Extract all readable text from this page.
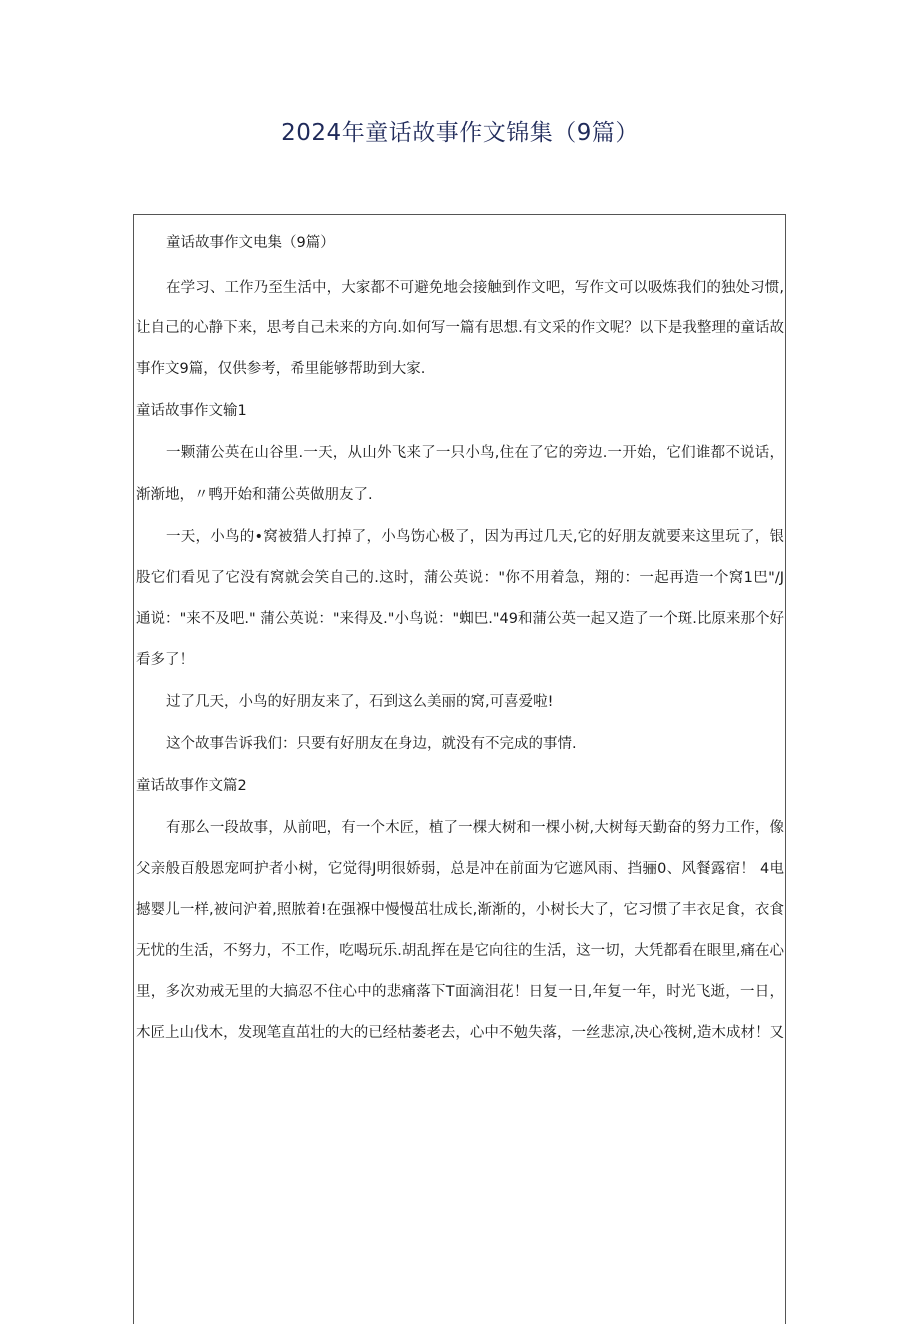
2024年童话故事作文锦集（9篇）

童话故事作文电集（9篇）

在学习、工作乃至生活中，大家都不可避免地会接触到作文吧，写作文可以吸炼我们的独处习惯,

让自己的心静下来，思考自己未来的方向.如何写一篇有思想.有文采的作文呢？以下是我整理的童话故

事作文9篇，仅供参考，希里能够帮助到大家.

童话故事作文输1

一颗蒲公英在山谷里.一天，从山外飞来了一只小鸟,住在了它的旁边.一开始，它们谁都不说话，

渐渐地，〃鸭开始和蒲公英做朋友了.

一天，小鸟的•窝被猎人打掉了，小鸟饬心极了，因为再过几天,它的好朋友就要来这里玩了，银

股它们看见了它没有窝就会笑自己的.这时，蒲公英说："你不用着急，翔的：一起再造一个窝1巴"/J

通说："来不及吧." 蒲公英说："来得及."小鸟说："蜘巴."49和蒲公英一起又造了一个斑.比原来那个好

看多了！

过了几天，小鸟的好朋友来了，石到这么美丽的窝,可喜爱啦!

这个故事告诉我们：只要有好朋友在身边，就没有不完成的事情.

童话故事作文篇2

有那么一段故事，从前吧，有一个木匠，植了一棵大树和一棵小树,大树每天勤奋的努力工作，像

父亲般百般恩宠呵护者小树，它觉得J明很娇弱，总是冲在前面为它遮风雨、挡骊0、风餐露宿！ 4电

撼婴儿一样,被问沪着,照脓着!在强褓中慢慢茁壮成长,渐渐的，小树长大了，它习惯了丰衣足食，衣食

无忧的生活，不努力，不工作，吃喝玩乐.胡乱挥在是它向往的生活，这一切，大凭都看在眼里,痛在心

里，多次劝戒无里的大搞忍不住心中的悲痛落下T面滴泪花！日复一日,年复一年，时光飞逝，一日，

木匠上山伐木，发现笔直茁壮的大的已经枯萎老去，心中不勉失落，一丝悲凉,决心筏树,造木成材！又
